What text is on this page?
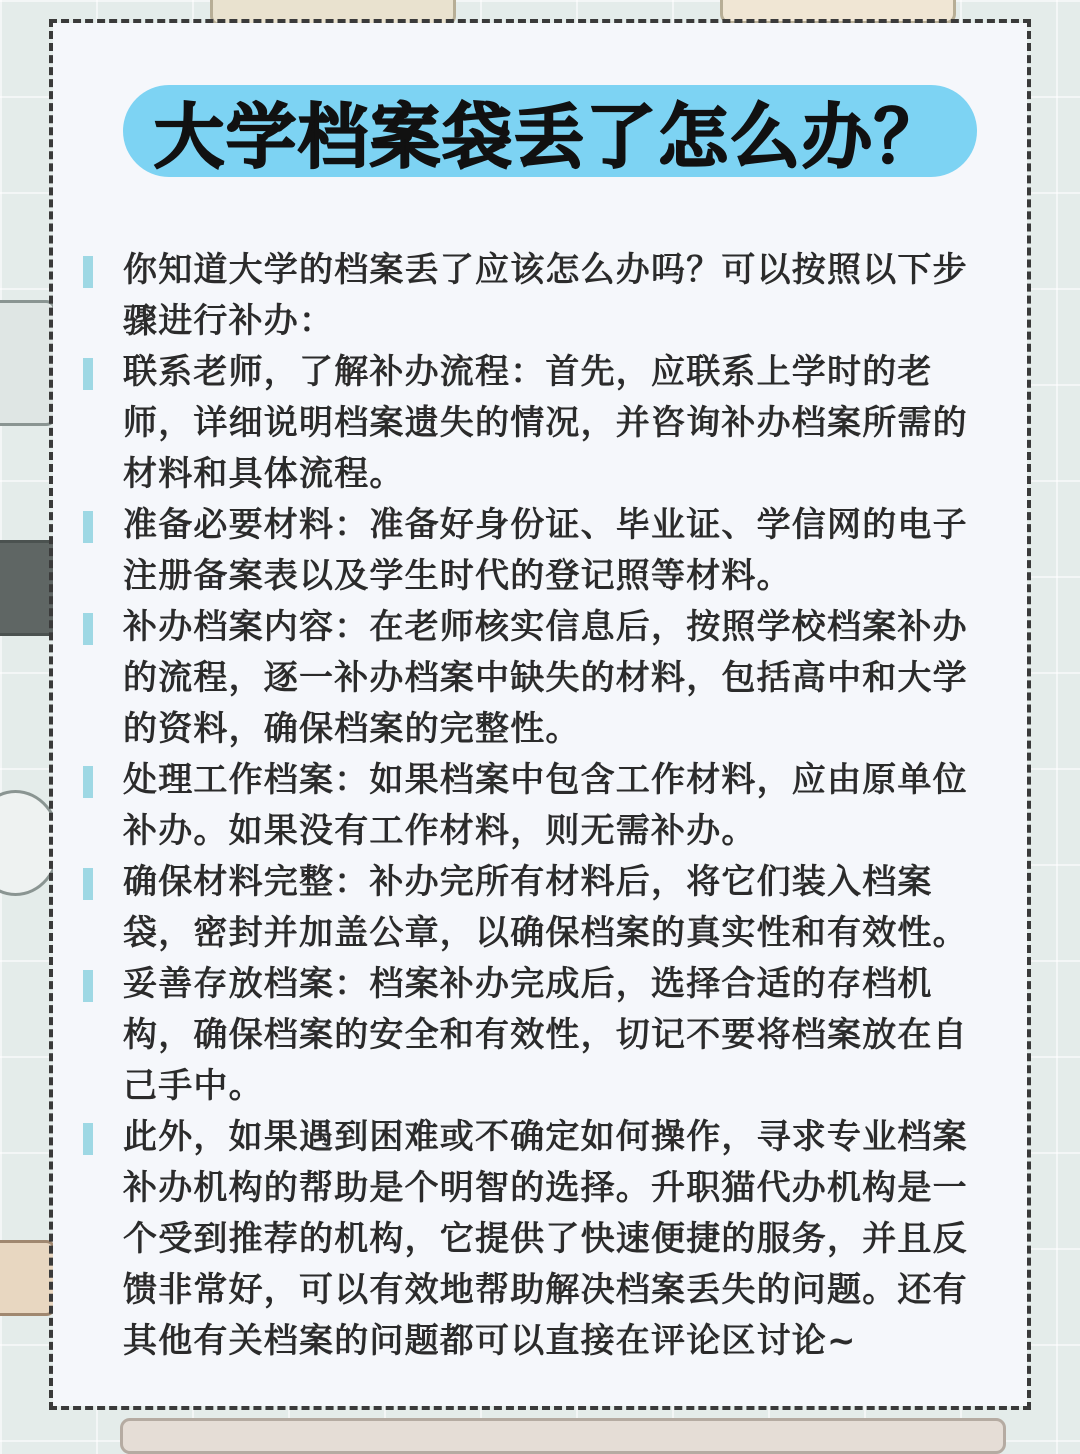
大学档案袋丢了怎么办？
你知道大学的档案丢了应该怎么办吗？可以按照以下步骤进行补办：
联系老师，了解补办流程：首先，应联系上学时的老师，详细说明档案遗失的情况，并咨询补办档案所需的材料和具体流程。
准备必要材料：准备好身份证、毕业证、学信网的电子注册备案表以及学生时代的登记照等材料。
补办档案内容：在老师核实信息后，按照学校档案补办的流程，逐一补办档案中缺失的材料，包括高中和大学的资料，确保档案的完整性。
处理工作档案：如果档案中包含工作材料，应由原单位补办。如果没有工作材料，则无需补办。
确保材料完整：补办完所有材料后，将它们装入档案袋，密封并加盖公章，以确保档案的真实性和有效性。
妥善存放档案：档案补办完成后，选择合适的存档机构，确保档案的安全和有效性，切记不要将档案放在自己手中。
此外，如果遇到困难或不确定如何操作，寻求专业档案补办机构的帮助是个明智的选择。升职猫代办机构是一个受到推荐的机构，它提供了快速便捷的服务，并且反馈非常好，可以有效地帮助解决档案丢失的问题。还有其他有关档案的问题都可以直接在评论区讨论~
